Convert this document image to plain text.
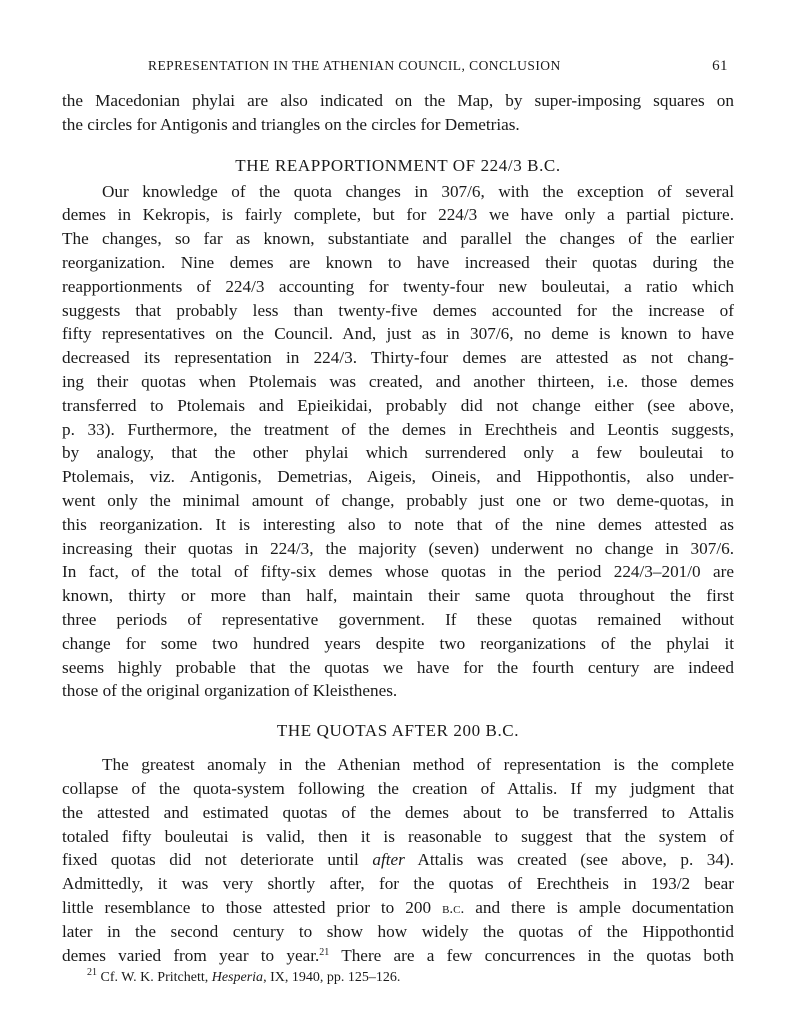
REPRESENTATION IN THE ATHENIAN COUNCIL, CONCLUSION	61
the Macedonian phylai are also indicated on the Map, by super-imposing squares on
the circles for Antigonis and triangles on the circles for Demetrias.
THE REAPPORTIONMENT OF 224/3 B.C.
Our knowledge of the quota changes in 307/6, with the exception of several
demes in Kekropis, is fairly complete, but for 224/3 we have only a partial picture.
The changes, so far as known, substantiate and parallel the changes of the earlier
reorganization. Nine demes are known to have increased their quotas during the
reapportionments of 224/3 accounting for twenty-four new bouleutai, a ratio which
suggests that probably less than twenty-five demes accounted for the increase of
fifty representatives on the Council. And, just as in 307/6, no deme is known to have
decreased its representation in 224/3. Thirty-four demes are attested as not chang-
ing their quotas when Ptolemais was created, and another thirteen, i.e. those demes
transferred to Ptolemais and Epieikidai, probably did not change either (see above,
p. 33). Furthermore, the treatment of the demes in Erechtheis and Leontis suggests,
by analogy, that the other phylai which surrendered only a few bouleutai to
Ptolemais, viz. Antigonis, Demetrias, Aigeis, Oineis, and Hippothontis, also under-
went only the minimal amount of change, probably just one or two deme-quotas, in
this reorganization. It is interesting also to note that of the nine demes attested as
increasing their quotas in 224/3, the majority (seven) underwent no change in 307/6.
In fact, of the total of fifty-six demes whose quotas in the period 224/3–201/0 are
known, thirty or more than half, maintain their same quota throughout the first
three periods of representative government. If these quotas remained without
change for some two hundred years despite two reorganizations of the phylai it
seems highly probable that the quotas we have for the fourth century are indeed
those of the original organization of Kleisthenes.
THE QUOTAS AFTER 200 B.C.
The greatest anomaly in the Athenian method of representation is the complete
collapse of the quota-system following the creation of Attalis. If my judgment that
the attested and estimated quotas of the demes about to be transferred to Attalis
totaled fifty bouleutai is valid, then it is reasonable to suggest that the system of
fixed quotas did not deteriorate until after Attalis was created (see above, p. 34).
Admittedly, it was very shortly after, for the quotas of Erechtheis in 193/2 bear
little resemblance to those attested prior to 200 b.c. and there is ample documentation
later in the second century to show how widely the quotas of the Hippothontid
demes varied from year to year.$^{21}$ There are a few concurrences in the quotas both
$^{21}$ Cf. W. K. Pritchett, Hesperia, IX, 1940, pp. 125–126.
